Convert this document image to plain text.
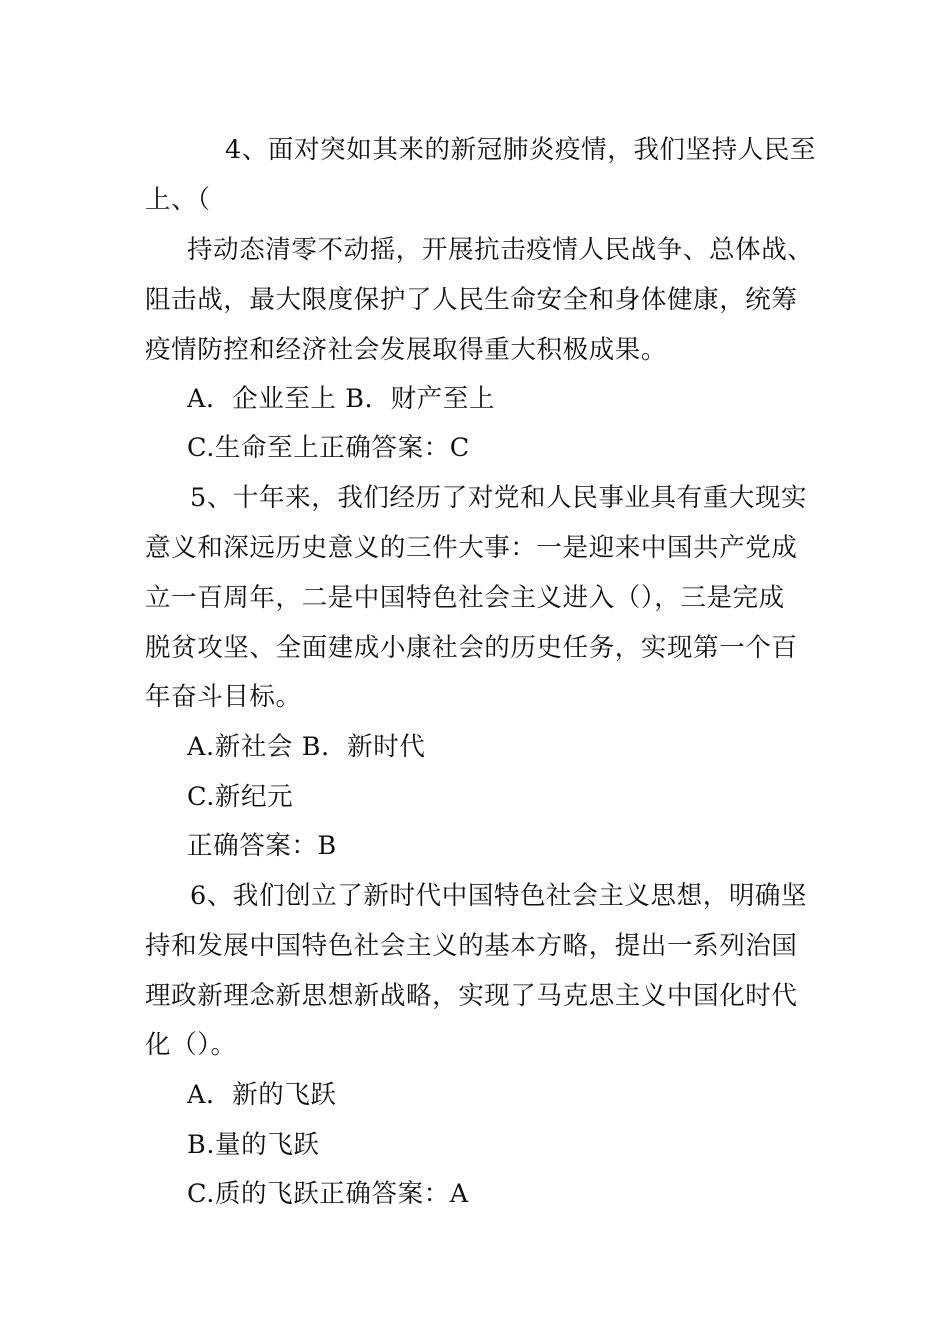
4、面对突如其来的新冠肺炎疫情，我们坚持人民至

上、（

持动态清零不动摇，开展抗击疫情人民战争、总体战、

阻击战，最大限度保护了人民生命安全和身体健康，统筹

疫情防控和经济社会发展取得重大积极成果。

A．企业至上 B．财产至上

C.生命至上正确答案：C

5、十年来，我们经历了对党和人民事业具有重大现实

意义和深远历史意义的三件大事：一是迎来中国共产党成

立一百周年，二是中国特色社会主义进入（），三是完成

脱贫攻坚、全面建成小康社会的历史任务，实现第一个百

年奋斗目标。

A.新社会 B．新时代

C.新纪元

正确答案：B

6、我们创立了新时代中国特色社会主义思想，明确坚

持和发展中国特色社会主义的基本方略，提出一系列治国

理政新理念新思想新战略，实现了马克思主义中国化时代

化（）。

A．新的飞跃

B.量的飞跃

C.质的飞跃正确答案：A
